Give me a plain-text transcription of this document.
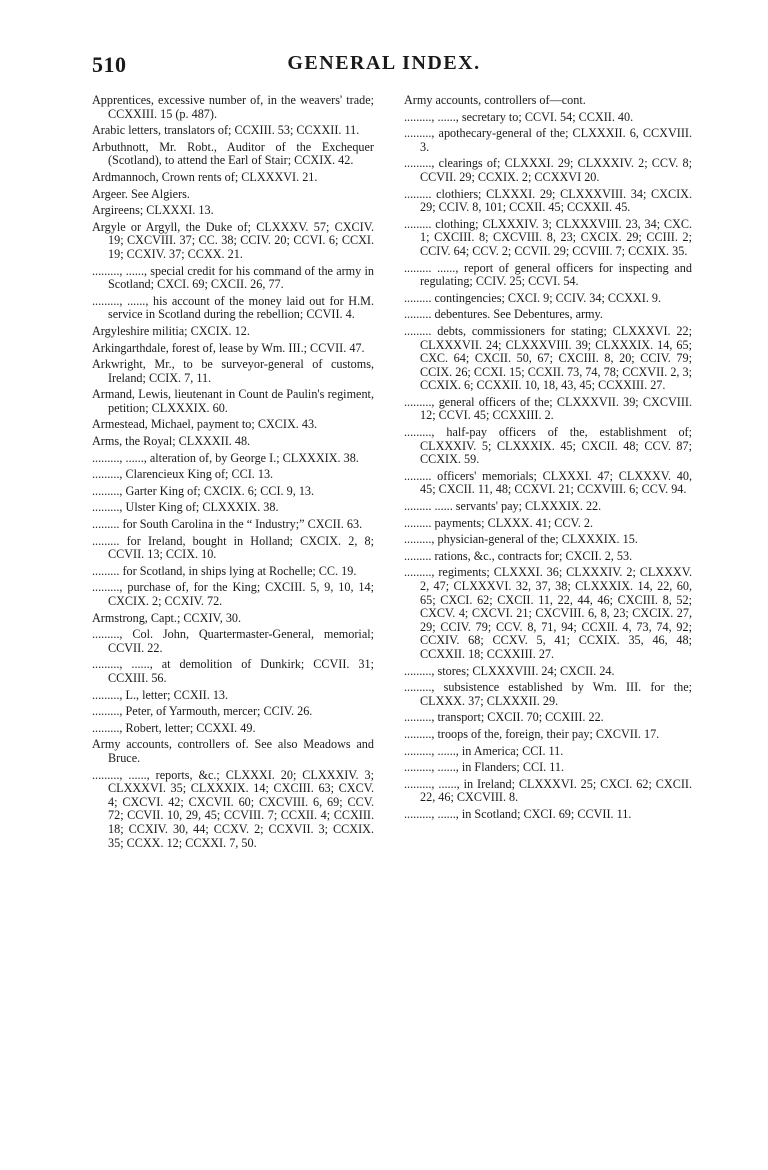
510	GENERAL INDEX.
Apprentices, excessive number of, in the weavers' trade; CCXXIII. 15 (p. 487).
Arabic letters, translators of; CCXIII. 53; CCXXII. 11.
Arbuthnott, Mr. Robt., Auditor of the Exchequer (Scotland), to attend the Earl of Stair; CCXIX. 42.
Ardmannoch, Crown rents of; CLXXXVI. 21.
Argeer. See Algiers.
Argireens; CLXXXI. 13.
Argyle or Argyll, the Duke of; CLXXXV. 57; CXCIV. 19; CXCVIII. 37; CC. 38; CCIV. 20; CCVI. 6; CCXI. 19; CCXIV. 37; CCXX. 21.
........., ......, special credit for his command of the army in Scotland; CXCI. 69; CXCII. 26, 77.
........., ......, his account of the money laid out for H.M. service in Scotland during the rebellion; CCVII. 4.
Argyleshire militia; CXCIX. 12.
Arkingarthdale, forest of, lease by Wm. III.; CCVII. 47.
Arkwright, Mr., to be surveyor-general of customs, Ireland; CCIX. 7, 11.
Armand, Lewis, lieutenant in Count de Paulin's regiment, petition; CLXXXIX. 60.
Armestead, Michael, payment to; CXCIX. 43.
Arms, the Royal; CLXXXII. 48.
........., ......, alteration of, by George I.; CLXXXIX. 38.
........., Clarencieux King of; CCI. 13.
........., Garter King of; CXCIX. 6; CCI. 9, 13.
........., Ulster King of; CLXXXIX. 38.
......... for South Carolina in the “ Industry;” CXCII. 63.
......... for Ireland, bought in Holland; CXCIX. 2, 8; CCVII. 13; CCIX. 10.
......... for Scotland, in ships lying at Rochelle; CC. 19.
........., purchase of, for the King; CXCIII. 5, 9, 10, 14; CXCIX. 2; CCXIV. 72.
Armstrong, Capt.; CCXIV, 30.
........., Col. John, Quartermaster-General, memorial; CCVII. 22.
........., ......, at demolition of Dunkirk; CCVII. 31; CCXIII. 56.
........., L., letter; CCXII. 13.
........., Peter, of Yarmouth, mercer; CCIV. 26.
........., Robert, letter; CCXXI. 49.
Army accounts, controllers of. See also Meadows and Bruce.
........., ......, reports, &c.; CLXXXI. 20; CLXXXIV. 3; CLXXXVI. 35; CLXXXIX. 14; CXCIII. 63; CXCV. 4; CXCVI. 42; CXCVII. 60; CXCVIII. 6, 69; CCV. 72; CCVII. 10, 29, 45; CCVIII. 7; CCXII. 4; CCXIII. 18; CCXIV. 30, 44; CCXV. 2; CCXVII. 3; CCXIX. 35; CCXX. 12; CCXXI. 7, 50.
Army accounts, controllers of—cont.
........., ......, secretary to; CCVI. 54; CCXII. 40.
........., apothecary-general of the; CLXXXII. 6, CCXVIII. 3.
........., clearings of; CLXXXI. 29; CLXXXIV. 2; CCV. 8; CCVII. 29; CCXIX. 2; CCXXVI 20.
......... clothiers; CLXXXI. 29; CLXXXVIII. 34; CXCIX. 29; CCIV. 8, 101; CCXII. 45; CCXXII. 45.
......... clothing; CLXXXIV. 3; CLXXXVIII. 23, 34; CXC. 1; CXCIII. 8; CXCVIII. 8, 23; CXCIX. 29; CCIII. 2; CCIV. 64; CCV. 2; CCVII. 29; CCVIII. 7; CCXIX. 35.
......... ......, report of general officers for inspecting and regulating; CCIV. 25; CCVI. 54.
......... contingencies; CXCI. 9; CCIV. 34; CCXXI. 9.
......... debentures. See Debentures, army.
......... debts, commissioners for stating; CLXXXVI. 22; CLXXXVII. 24; CLXXXVIII. 39; CLXXXIX. 14, 65; CXC. 64; CXCII. 50, 67; CXCIII. 8, 20; CCIV. 79; CCIX. 26; CCXI. 15; CCXII. 73, 74, 78; CCXVII. 2, 3; CCXIX. 6; CCXXII. 10, 18, 43, 45; CCXXIII. 27.
........., general officers of the; CLXXXVII. 39; CXCVIII. 12; CCVI. 45; CCXXIII. 2.
........., half-pay officers of the, establishment of; CLXXXIV. 5; CLXXXIX. 45; CXCII. 48; CCV. 87; CCXIX. 59.
......... officers' memorials; CLXXXI. 47; CLXXXV. 40, 45; CXCII. 11, 48; CCXVI. 21; CCXVIII. 6; CCV. 94.
......... ...... servants' pay; CLXXXIX. 22.
......... payments; CLXXX. 41; CCV. 2.
........., physician-general of the; CLXXXIX. 15.
......... rations, &c., contracts for; CXCII. 2, 53.
........., regiments; CLXXXI. 36; CLXXXIV. 2; CLXXXV. 2, 47; CLXXXVI. 32, 37, 38; CLXXXIX. 14, 22, 60, 65; CXCI. 62; CXCII. 11, 22, 44, 46; CXCIII. 8, 52; CXCV. 4; CXCVI. 21; CXCVIII. 6, 8, 23; CXCIX. 27, 29; CCIV. 79; CCV. 8, 71, 94; CCXII. 4, 73, 74, 92; CCXIV. 68; CCXV. 5, 41; CCXIX. 35, 46, 48; CCXXII. 18; CCXXIII. 27.
........., stores; CLXXXVIII. 24; CXCII. 24.
........., subsistence established by Wm. III. for the; CLXXX. 37; CLXXXII. 29.
........., transport; CXCII. 70; CCXIII. 22.
........., troops of the, foreign, their pay; CXCVII. 17.
........., ......, in America; CCI. 11.
........., ......, in Flanders; CCI. 11.
........., ......, in Ireland; CLXXXVI. 25; CXCI. 62; CXCII. 22, 46; CXCVIII. 8.
........., ......, in Scotland; CXCI. 69; CCVII. 11.
